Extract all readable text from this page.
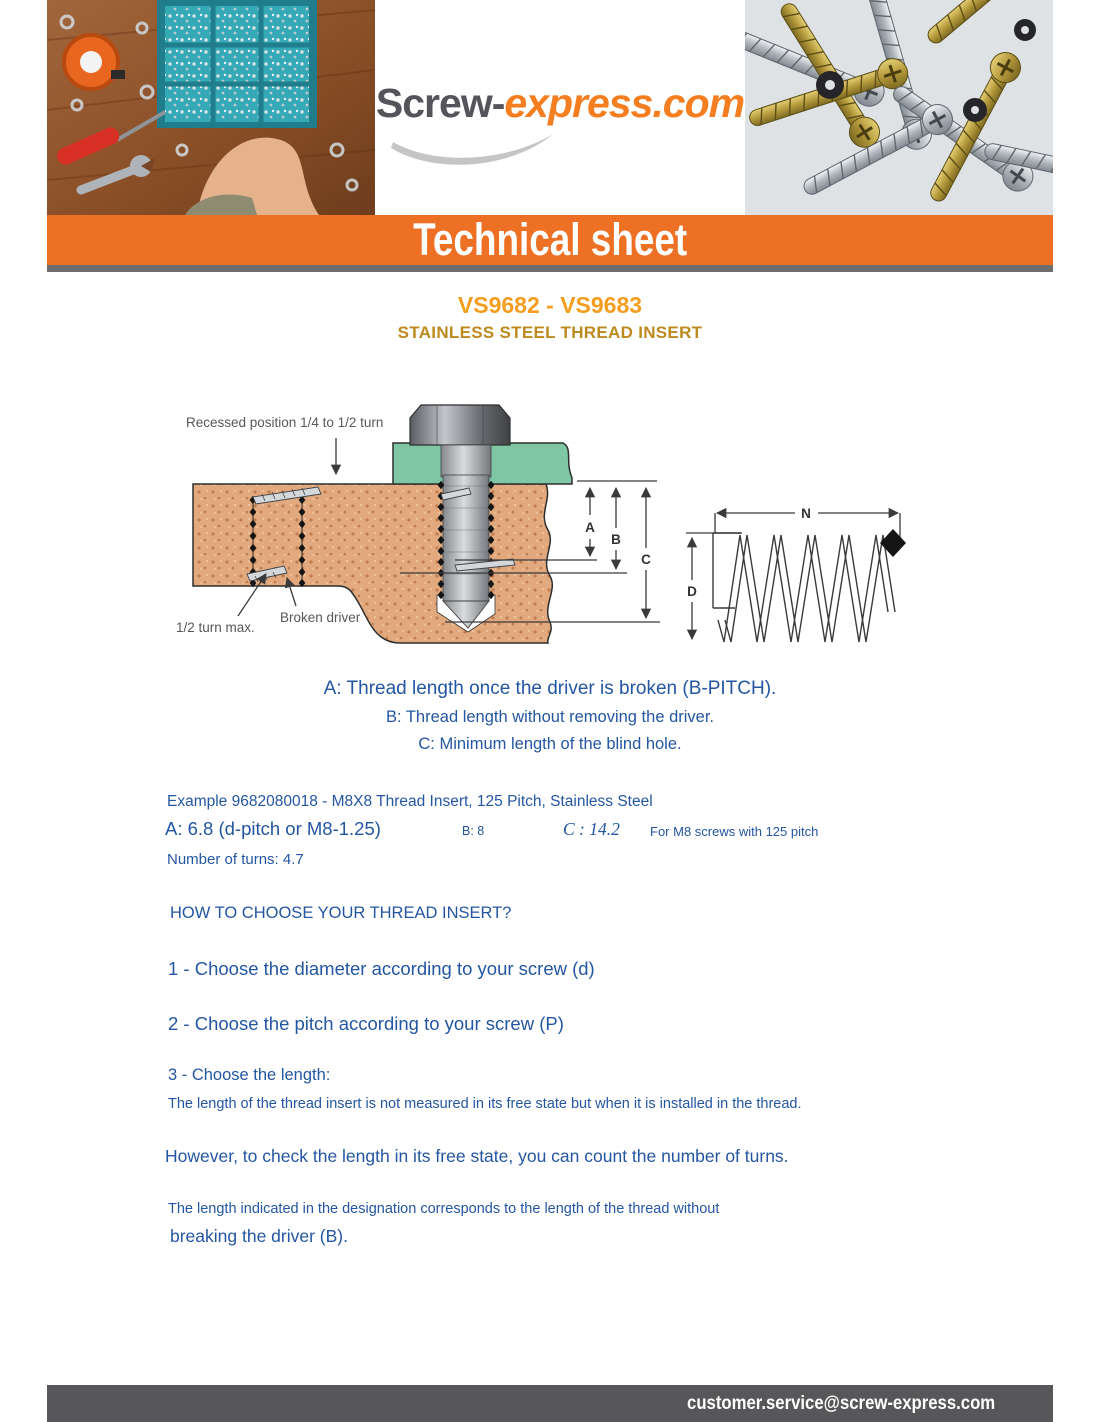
Screw-express.com
Technical sheet
VS9682 - VS9683
STAINLESS STEEL THREAD INSERT
Recessed position 1/4 to 1/2 turn
1/2 turn max.
Broken driver
A
B
C
D
N
A: Thread length once the driver is broken (B-PITCH).
B: Thread length without removing the driver.
C: Minimum length of the blind hole.
Example 9682080018 - M8X8 Thread Insert, 125 Pitch, Stainless Steel
A: 6.8 (d-pitch or M8-1.25)	B: 8	C : 14.2 For M8 screws with 125 pitch
Number of turns: 4.7
HOW TO CHOOSE YOUR THREAD INSERT?
1 - Choose the diameter according to your screw (d)
2 - Choose the pitch according to your screw (P)
3 - Choose the length:
The length of the thread insert is not measured in its free state but when it is installed in the thread.
However, to check the length in its free state, you can count the number of turns.
The length indicated in the designation corresponds to the length of the thread without
breaking the driver (B).
customer.service@screw-express.com
